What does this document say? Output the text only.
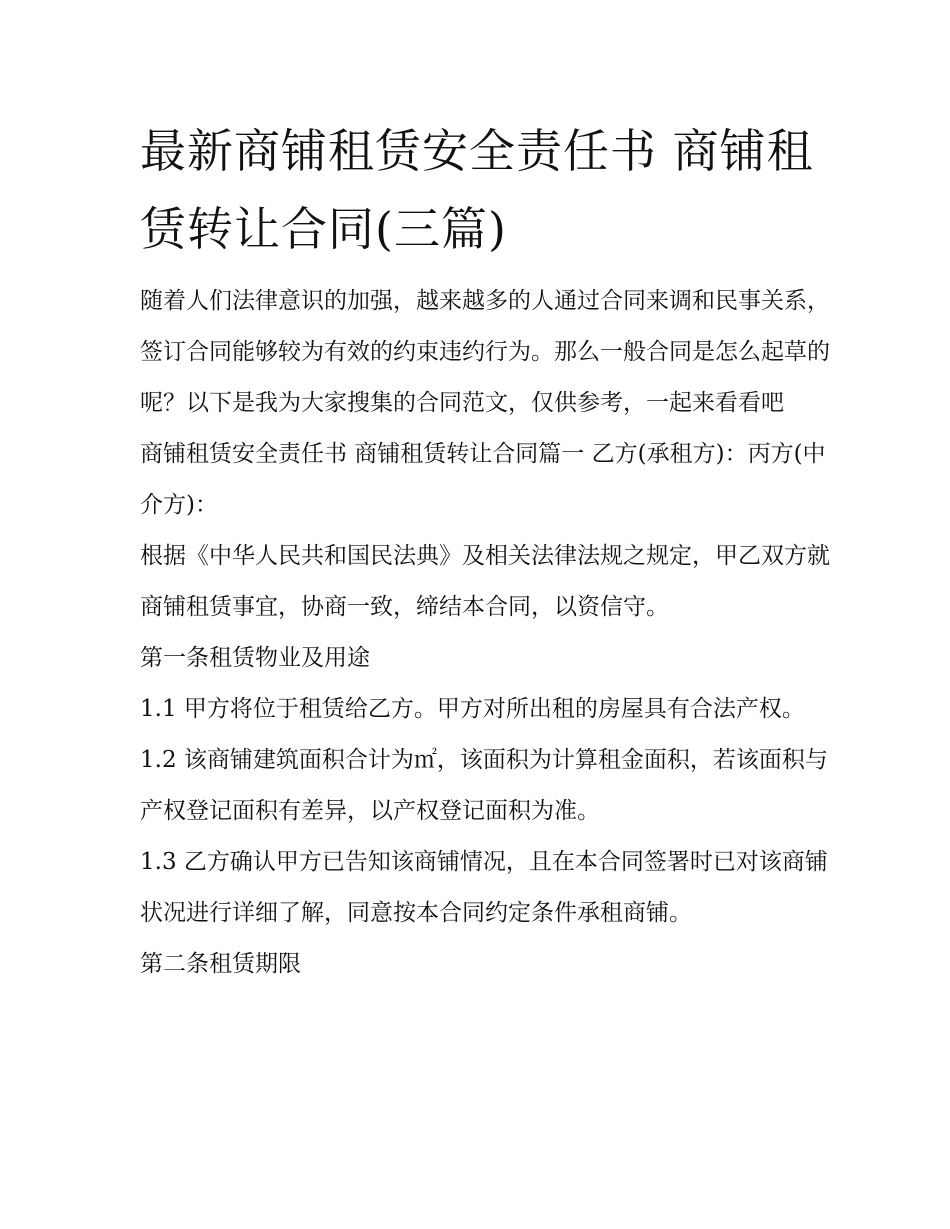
最新商铺租赁安全责任书 商铺租赁转让合同(三篇)

随着人们法律意识的加强，越来越多的人通过合同来调和民事关系，签订合同能够较为有效的约束违约行为。那么一般合同是怎么起草的呢？以下是我为大家搜集的合同范文，仅供参考，一起来看看吧

商铺租赁安全责任书 商铺租赁转让合同篇一 乙方(承租方)：丙方(中介方)：

根据《中华人民共和国民法典》及相关法律法规之规定，甲乙双方就商铺租赁事宜，协商一致，缔结本合同，以资信守。

第一条租赁物业及用途

1.1 甲方将位于租赁给乙方。甲方对所出租的房屋具有合法产权。

1.2 该商铺建筑面积合计为㎡，该面积为计算租金面积，若该面积与产权登记面积有差异，以产权登记面积为准。

1.3 乙方确认甲方已告知该商铺情况，且在本合同签署时已对该商铺状况进行详细了解，同意按本合同约定条件承租商铺。

第二条租赁期限
